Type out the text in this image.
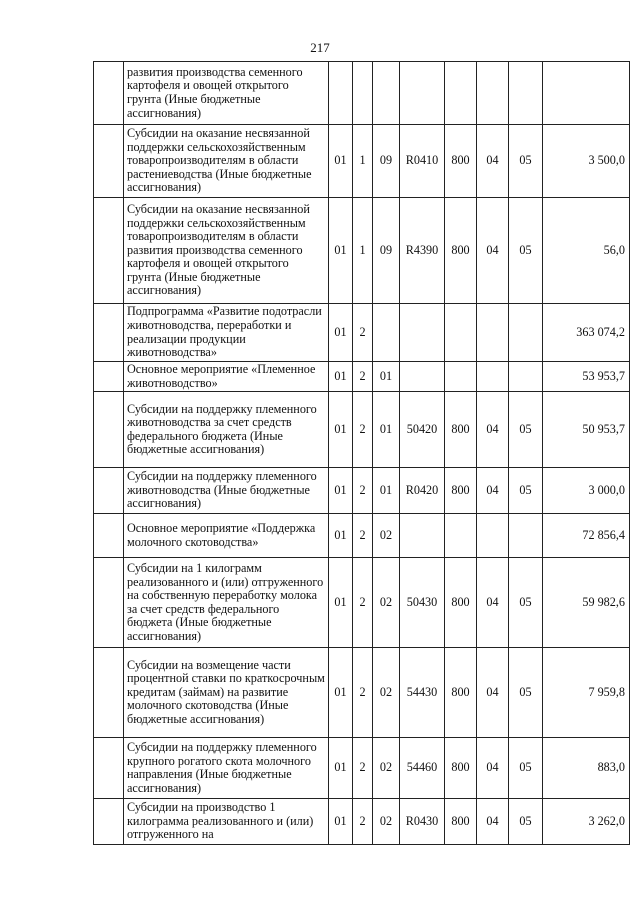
217
	развития производства семенного картофеля и овощей открытого грунта (Иные бюджетные ассигнования)								
	Субсидии на оказание несвязанной поддержки сельскохозяйственным товаропроизводителям в области растениеводства (Иные бюджетные ассигнования)	01	1	09	R0410	800	04	05	3 500,0
	Субсидии на оказание несвязанной поддержки сельскохозяйственным товаропроизводителям в области развития производства семенного картофеля и овощей открытого грунта (Иные бюджетные ассигнования)	01	1	09	R4390	800	04	05	56,0
	Подпрограмма «Развитие подотрасли животноводства, переработки и реализации продукции животноводства»	01	2						363 074,2
	Основное мероприятие «Племенное животноводство»	01	2	01					53 953,7
	Субсидии на поддержку племенного животноводства за счет средств федерального бюджета (Иные бюджетные ассигнования)	01	2	01	50420	800	04	05	50 953,7
	Субсидии на поддержку племенного животноводства (Иные бюджетные ассигнования)	01	2	01	R0420	800	04	05	3 000,0
	Основное мероприятие «Поддержка молочного скотоводства»	01	2	02					72 856,4
	Субсидии на 1 килограмм реализованного и (или) отгруженного на собственную переработку молока за счет средств федерального бюджета (Иные бюджетные ассигнования)	01	2	02	50430	800	04	05	59 982,6
	Субсидии на возмещение части процентной ставки по краткосрочным кредитам (займам) на развитие молочного скотоводства (Иные бюджетные ассигнования)	01	2	02	54430	800	04	05	7 959,8
	Субсидии на поддержку племенного крупного рогатого скота молочного направления (Иные бюджетные ассигнования)	01	2	02	54460	800	04	05	883,0
	Субсидии на производство 1 килограмма реализованного и (или) отгруженного на	01	2	02	R0430	800	04	05	3 262,0
